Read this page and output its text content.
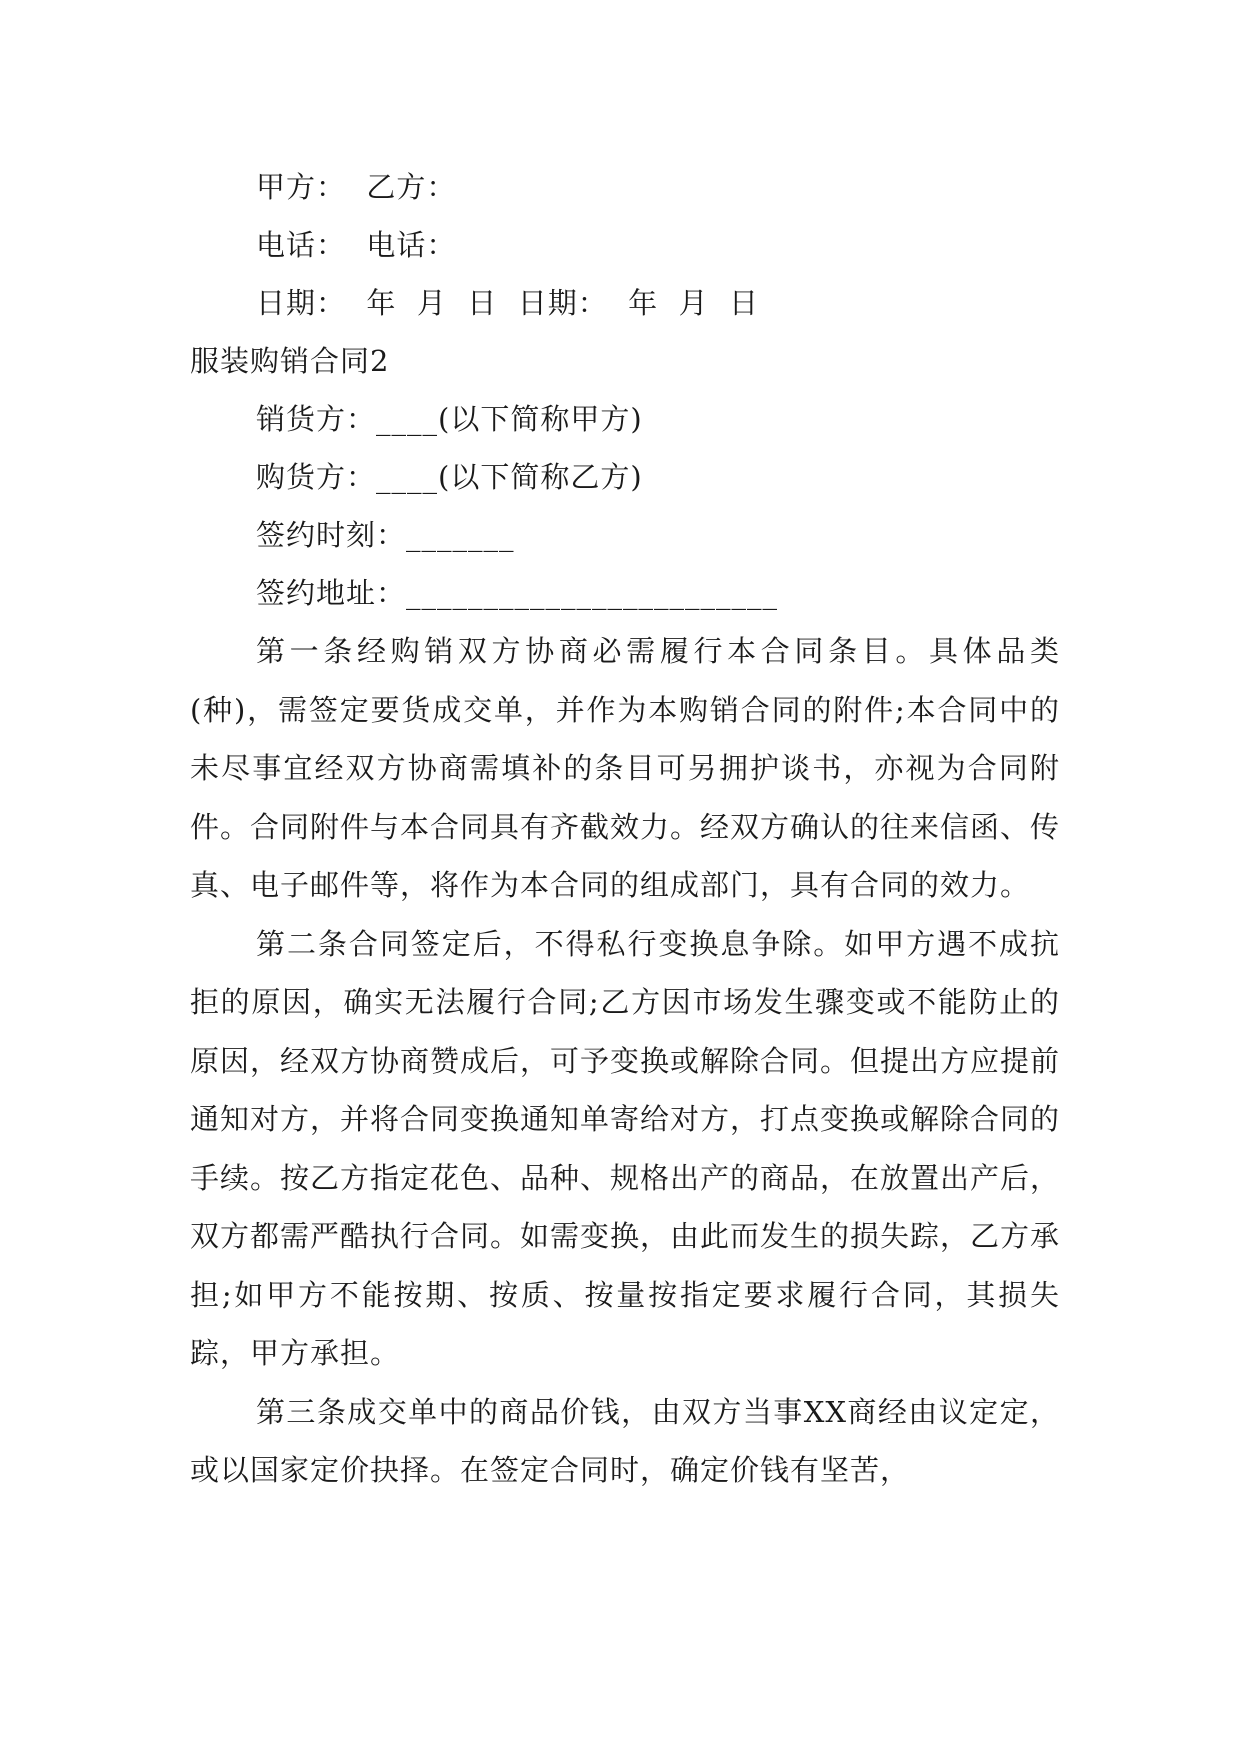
甲方：  乙方：
电话：  电话：
日期：  年  月  日  日期：  年  月  日
服装购销合同2
销货方：____(以下简称甲方)
购货方：____(以下简称乙方)
签约时刻：_______
签约地址：________________________

第一条经购销双方协商必需履行本合同条目。具体品类(种)，需签定要货成交单，并作为本购销合同的附件;本合同中的未尽事宜经双方协商需填补的条目可另拥护谈书，亦视为合同附件。合同附件与本合同具有齐截效力。经双方确认的往来信函、传真、电子邮件等，将作为本合同的组成部门，具有合同的效力。

第二条合同签定后，不得私行变换息争除。如甲方遇不成抗拒的原因，确实无法履行合同;乙方因市场发生骤变或不能防止的原因，经双方协商赞成后，可予变换或解除合同。但提出方应提前通知对方，并将合同变换通知单寄给对方，打点变换或解除合同的手续。按乙方指定花色、品种、规格出产的商品，在放置出产后，双方都需严酷执行合同。如需变换，由此而发生的损失踪，乙方承担;如甲方不能按期、按质、按量按指定要求履行合同，其损失踪，甲方承担。

第三条成交单中的商品价钱，由双方当事XX商经由议定定，或以国家定价抉择。在签定合同时，确定价钱有坚苦，
